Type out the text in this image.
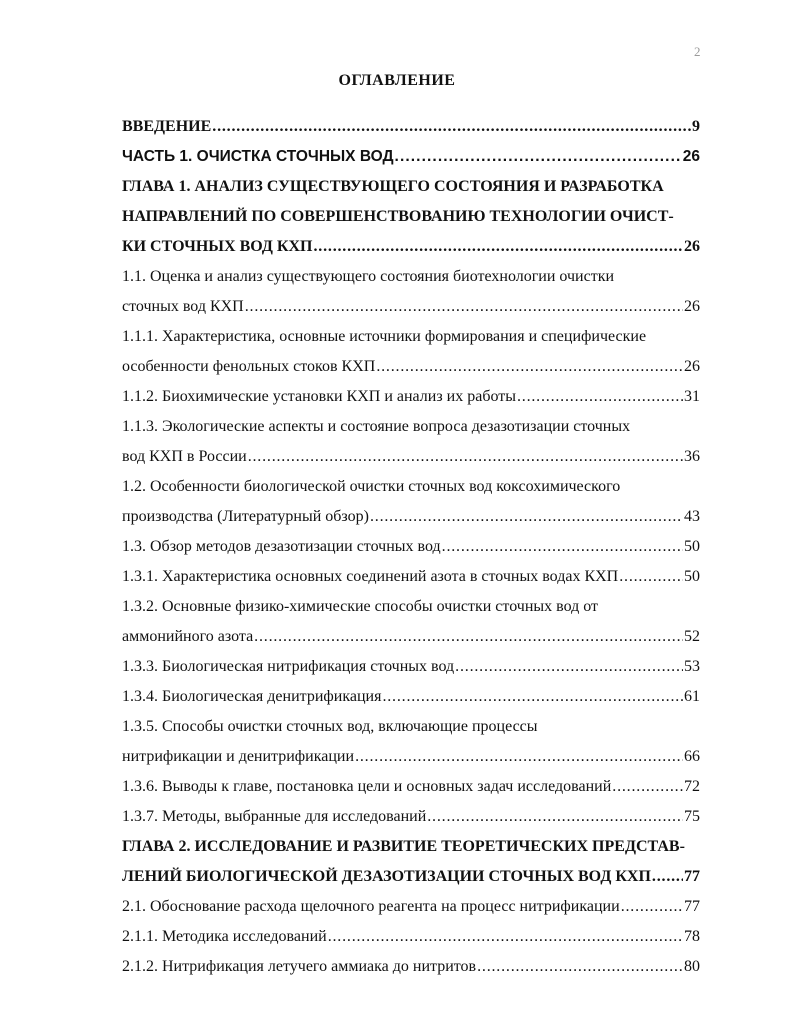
2
ОГЛАВЛЕНИЕ
ВВЕДЕНИЕ . . .	9
ЧАСТЬ 1. ОЧИСТКА СТОЧНЫХ ВОД . . .	26
ГЛАВА 1. АНАЛИЗ СУЩЕСТВУЮЩЕГО СОСТОЯНИЯ И РАЗРАБОТКА
НАПРАВЛЕНИЙ ПО СОВЕРШЕНСТВОВАНИЮ ТЕХНОЛОГИИ ОЧИСТ-
КИ СТОЧНЫХ ВОД КХП . . .	26
1.1. Оценка и анализ существующего состояния биотехнологии очистки
сточных вод КХП . . .	26
1.1.1. Характеристика, основные источники формирования и специфические
особенности фенольных стоков КХП . . .	26
1.1.2. Биохимические установки КХП и анализ их работы . . .	31
1.1.3. Экологические аспекты и состояние вопроса дезазотизации сточных
вод КХП в России . . .	36
1.2. Особенности биологической очистки сточных вод коксохимического
производства (Литературный обзор) . . .	43
1.3. Обзор методов дезазотизации сточных вод . . .	50
1.3.1. Характеристика основных соединений азота в сточных водах КХП . . .	50
1.3.2. Основные физико-химические способы очистки сточных вод от
аммонийного азота . . .	52
1.3.3. Биологическая нитрификация сточных вод . . .	53
1.3.4. Биологическая денитрификация . . .	61
1.3.5. Способы очистки сточных вод, включающие процессы
нитрификации и денитрификации . . .	66
1.3.6. Выводы к главе, постановка цели и основных задач исследований . . .	72
1.3.7. Методы, выбранные для исследований . . .	75
ГЛАВА 2. ИССЛЕДОВАНИЕ И РАЗВИТИЕ ТЕОРЕТИЧЕСКИХ ПРЕДСТАВ-
ЛЕНИЙ БИОЛОГИЧЕСКОЙ ДЕЗАЗОТИЗАЦИИ СТОЧНЫХ ВОД КХП . . . 77
2.1. Обоснование расхода щелочного реагента на процесс нитрификации . . .	77
2.1.1. Методика исследований . . .	78
2.1.2. Нитрификация летучего аммиака до нитритов . . .	80
